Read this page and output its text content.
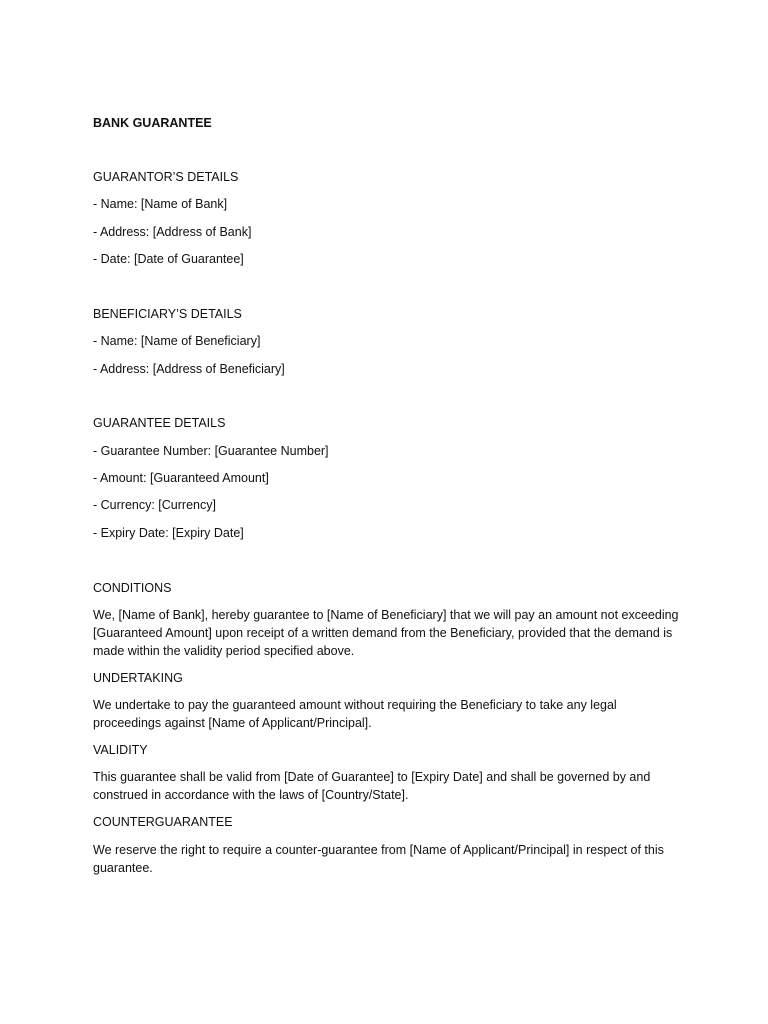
BANK GUARANTEE
GUARANTOR’S DETAILS
- Name: [Name of Bank]
- Address: [Address of Bank]
- Date: [Date of Guarantee]
BENEFICIARY’S DETAILS
- Name: [Name of Beneficiary]
- Address: [Address of Beneficiary]
GUARANTEE DETAILS
- Guarantee Number: [Guarantee Number]
- Amount: [Guaranteed Amount]
- Currency: [Currency]
- Expiry Date: [Expiry Date]
CONDITIONS
We, [Name of Bank], hereby guarantee to [Name of Beneficiary] that we will pay an amount not exceeding [Guaranteed Amount] upon receipt of a written demand from the Beneficiary, provided that the demand is made within the validity period specified above.
UNDERTAKING
We undertake to pay the guaranteed amount without requiring the Beneficiary to take any legal proceedings against [Name of Applicant/Principal].
VALIDITY
This guarantee shall be valid from [Date of Guarantee] to [Expiry Date] and shall be governed by and construed in accordance with the laws of [Country/State].
COUNTERGUARANTEE
We reserve the right to require a counter-guarantee from [Name of Applicant/Principal] in respect of this guarantee.
